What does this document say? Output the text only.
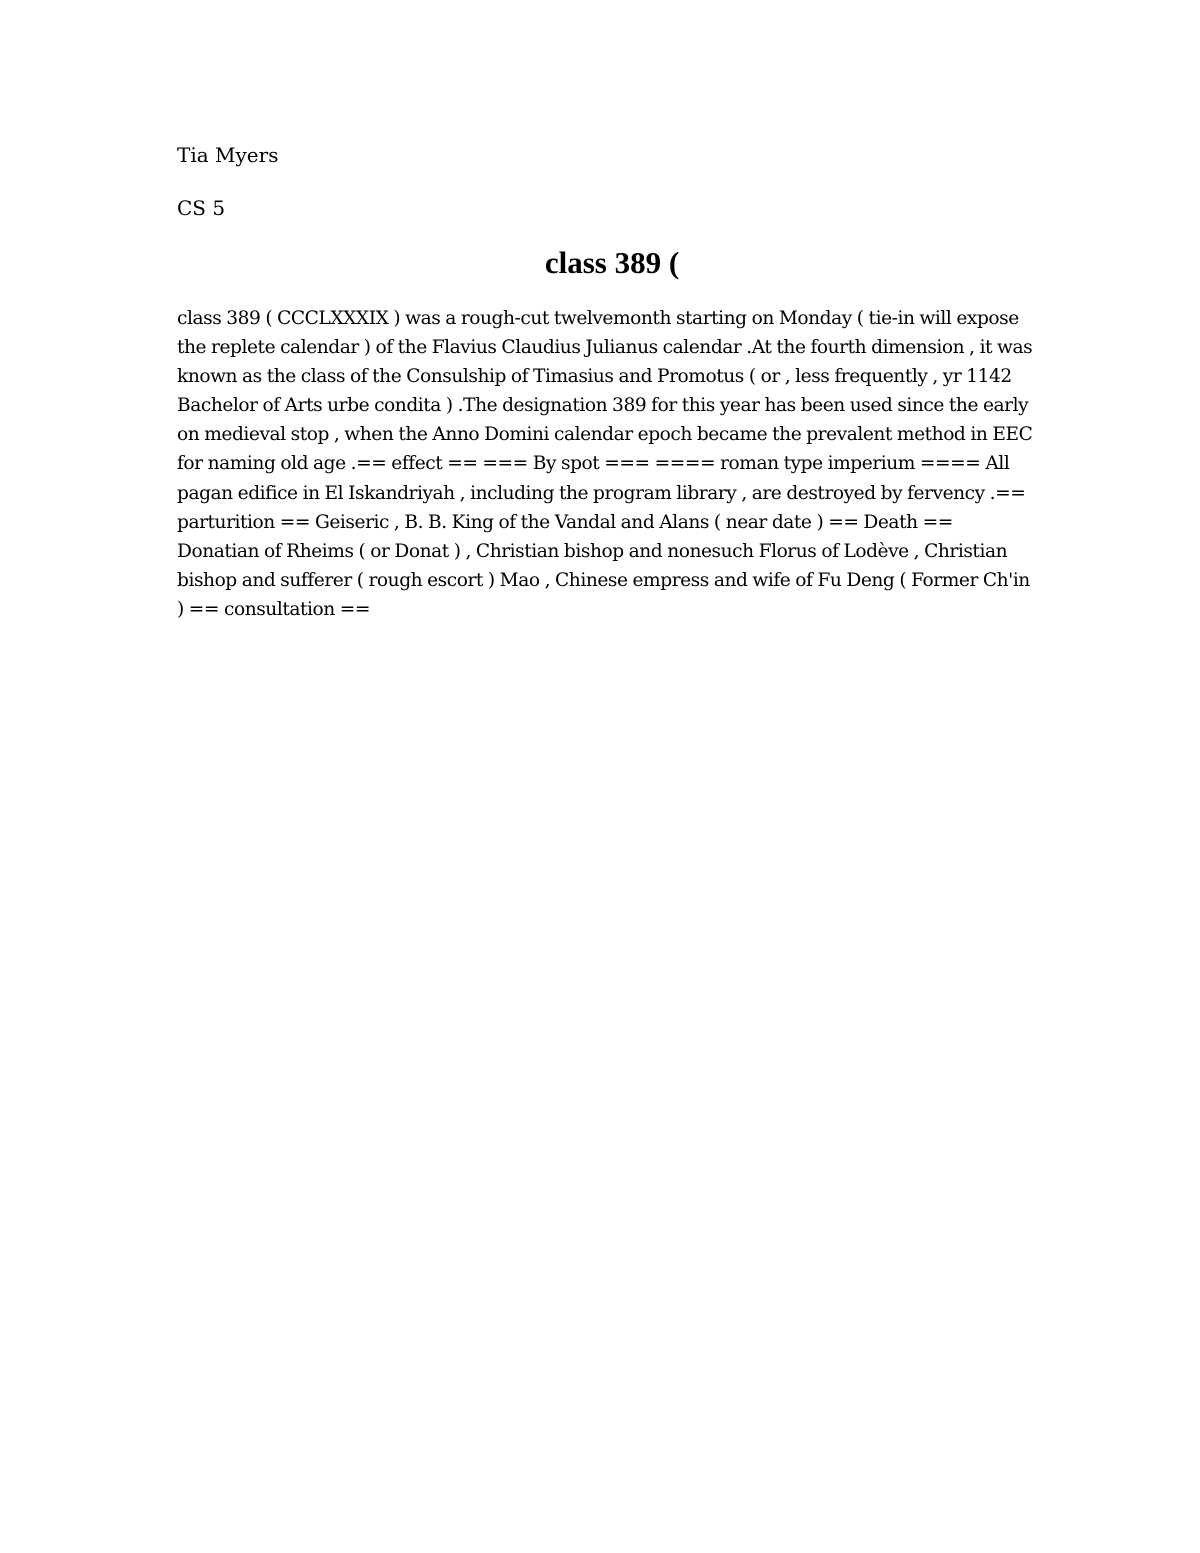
Tia Myers

CS 5

class 389 (

class 389 ( CCCLXXXIX ) was a rough-cut twelvemonth starting on Monday ( tie-in will expose the replete calendar ) of the Flavius Claudius Julianus calendar .At the fourth dimension , it was known as the class of the Consulship of Timasius and Promotus ( or , less frequently , yr 1142 Bachelor of Arts urbe condita ) .The designation 389 for this year has been used since the early on medieval stop , when the Anno Domini calendar epoch became the prevalent method in EEC for naming old age .== effect == === By spot === ==== roman type imperium ==== All pagan edifice in El Iskandriyah , including the program library , are destroyed by fervency .== parturition == Geiseric , B. B. King of the Vandal and Alans ( near date ) == Death == Donatian of Rheims ( or Donat ) , Christian bishop and nonesuch Florus of Lodève , Christian bishop and sufferer ( rough escort ) Mao , Chinese empress and wife of Fu Deng ( Former Ch'in ) == consultation ==
